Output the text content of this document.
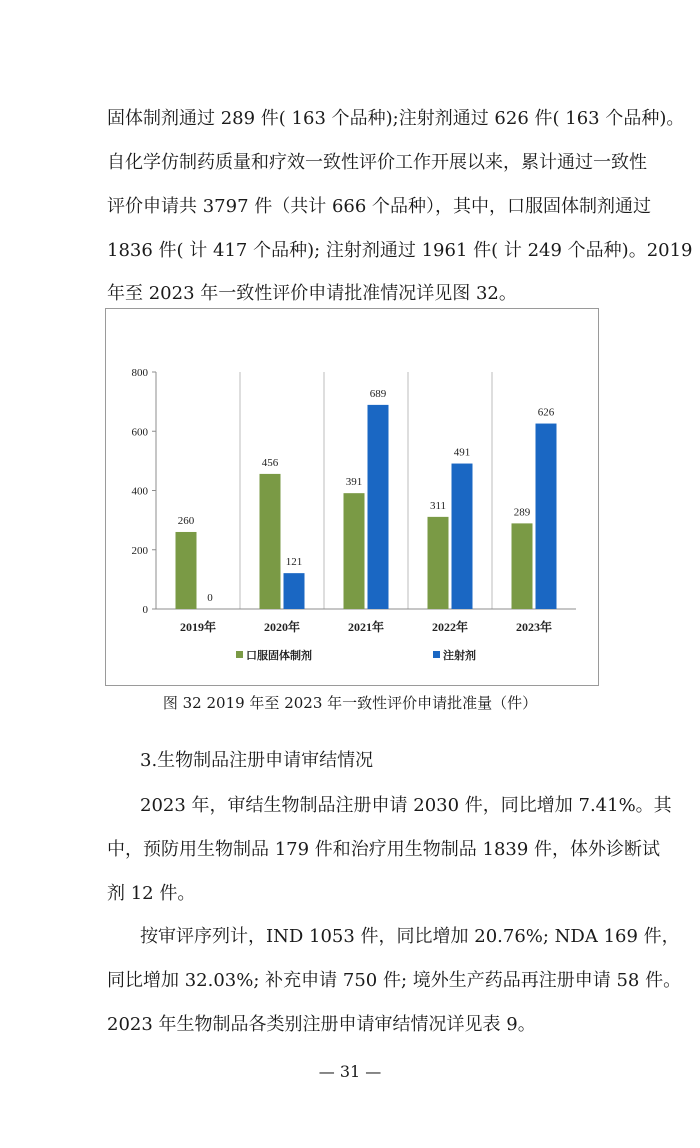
固体制剂通过 289 件( 163 个品种);注射剂通过 626 件( 163 个品种)。
自化学仿制药质量和疗效一致性评价工作开展以来，累计通过一致性
评价申请共 3797 件（共计 666 个品种），其中，口服固体制剂通过
1836 件( 计 417 个品种); 注射剂通过 1961 件( 计 249 个品种)。2019
年至 2023 年一致性评价申请批准情况详见图 32。
0
200
400
600
800
260
0
2019年
456
121
2020年
391
689
2021年
311
491
2022年
289
626
2023年
口服固体制剂	注射剂
图 32 2019 年至 2023 年一致性评价申请批准量（件）
3.生物制品注册申请审结情况
2023 年，审结生物制品注册申请 2030 件，同比增加 7.41%。其
中，预防用生物制品 179 件和治疗用生物制品 1839 件，体外诊断试
剂 12 件。
按审评序列计，IND 1053 件，同比增加 20.76%; NDA 169 件，
同比增加 32.03%; 补充申请 750 件; 境外生产药品再注册申请 58 件。
2023 年生物制品各类别注册申请审结情况详见表 9。
— 31 —
